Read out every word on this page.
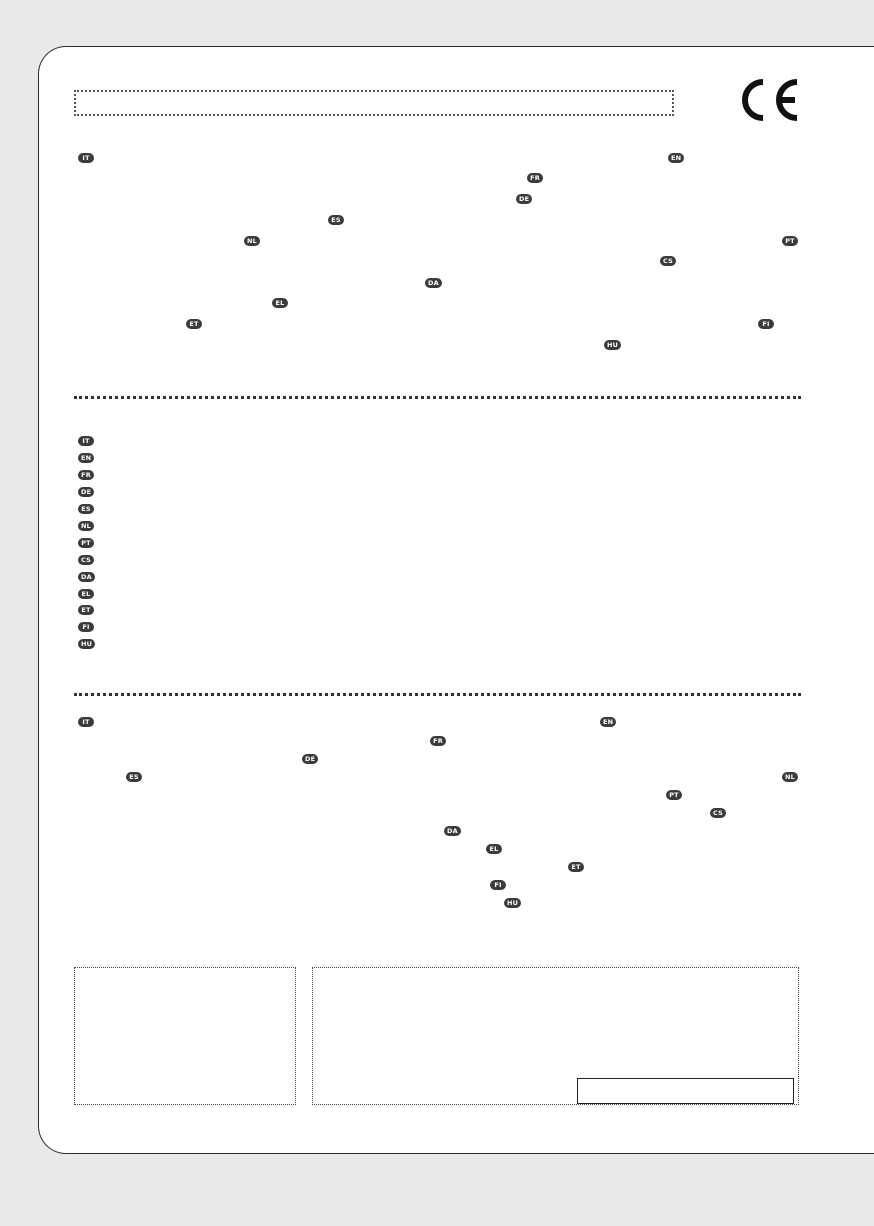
IT	EN
FR
DE
ES
NL	PT
CS
DA
EL
ET	FI
HU
IT
EN
FR
DE
ES
NL
PT
CS
DA
EL
ET
FI
HU
IT	EN
FR
DE
ES	NL
PT
CS
DA
EL
ET
FI
HU
